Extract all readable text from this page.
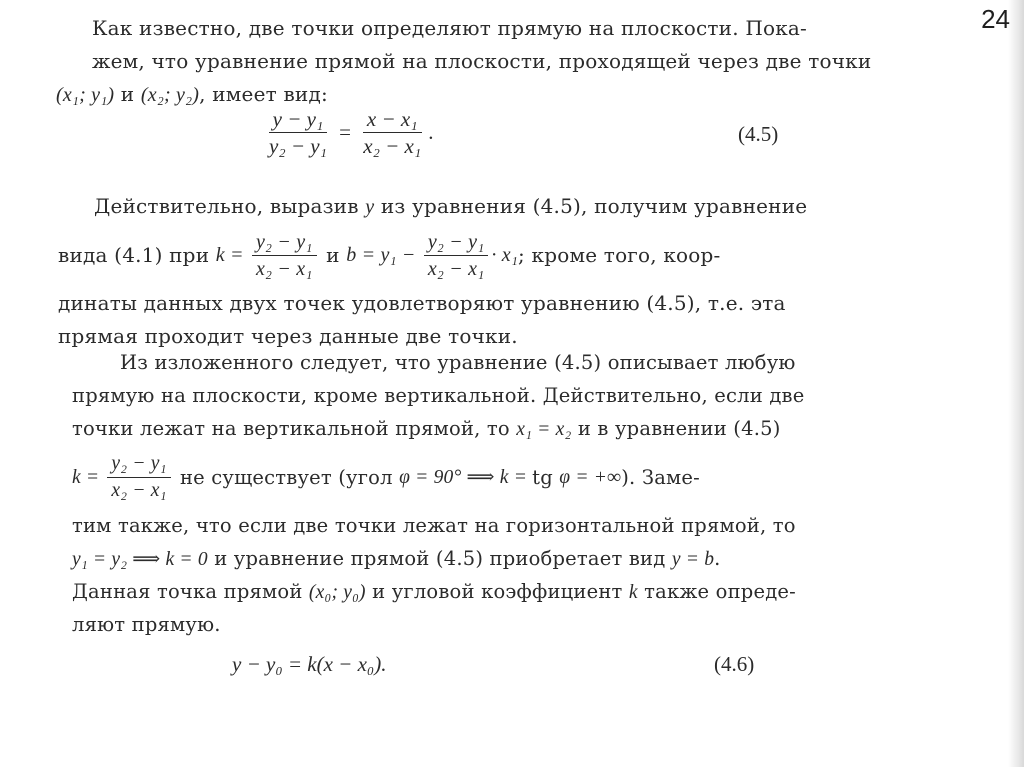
24
Как известно, две точки определяют прямую на плоскости. Пока-
жем, что уравнение прямой на плоскости, проходящей через две точки
(x₁; y₁) и (x₂; y₂), имеет вид:
$\frac{\text{y − y₁}}{\text{y₂ − y₁}} = \frac{\text{x − x₁}}{\text{x₂ − x₁}}$ .	(4.5)
Действительно, выразив y из уравнения (4.5), получим уравнение
вида (4.1) при $k = \frac{\text{y₂ − y₁}}{\text{x₂ − x₁}}$ и $b = y_1 - \frac{\text{y₂ − y₁}}{\text{x₂ − x₁}} \cdot x_1$ ; кроме того, коор-
динаты данных двух точек удовлетворяют уравнению (4.5), т.е. эта
прямая проходит через данные две точки.
Из изложенного следует, что уравнение (4.5) описывает любую
прямую на плоскости, кроме вертикальной. Действительно, если две
точки лежат на вертикальной прямой, то x₁ = x₂ и в уравнении (4.5)
$k = \frac{\text{y₂ − y₁}}{\text{x₂ − x₁}}$ не существует (угол φ = 90° ⟹ k = tg φ = +∞ ). Заме-
тим также, что если две точки лежат на горизонтальной прямой, то
y₁ = y₂ ⟹ k = 0 и уравнение прямой (4.5) приобретает вид y = b.
Данная точка прямой (x₀; y₀) и угловой коэффициент k также опреде-
ляют прямую.
y − y₀ = k(x − x₀).	(4.6)
